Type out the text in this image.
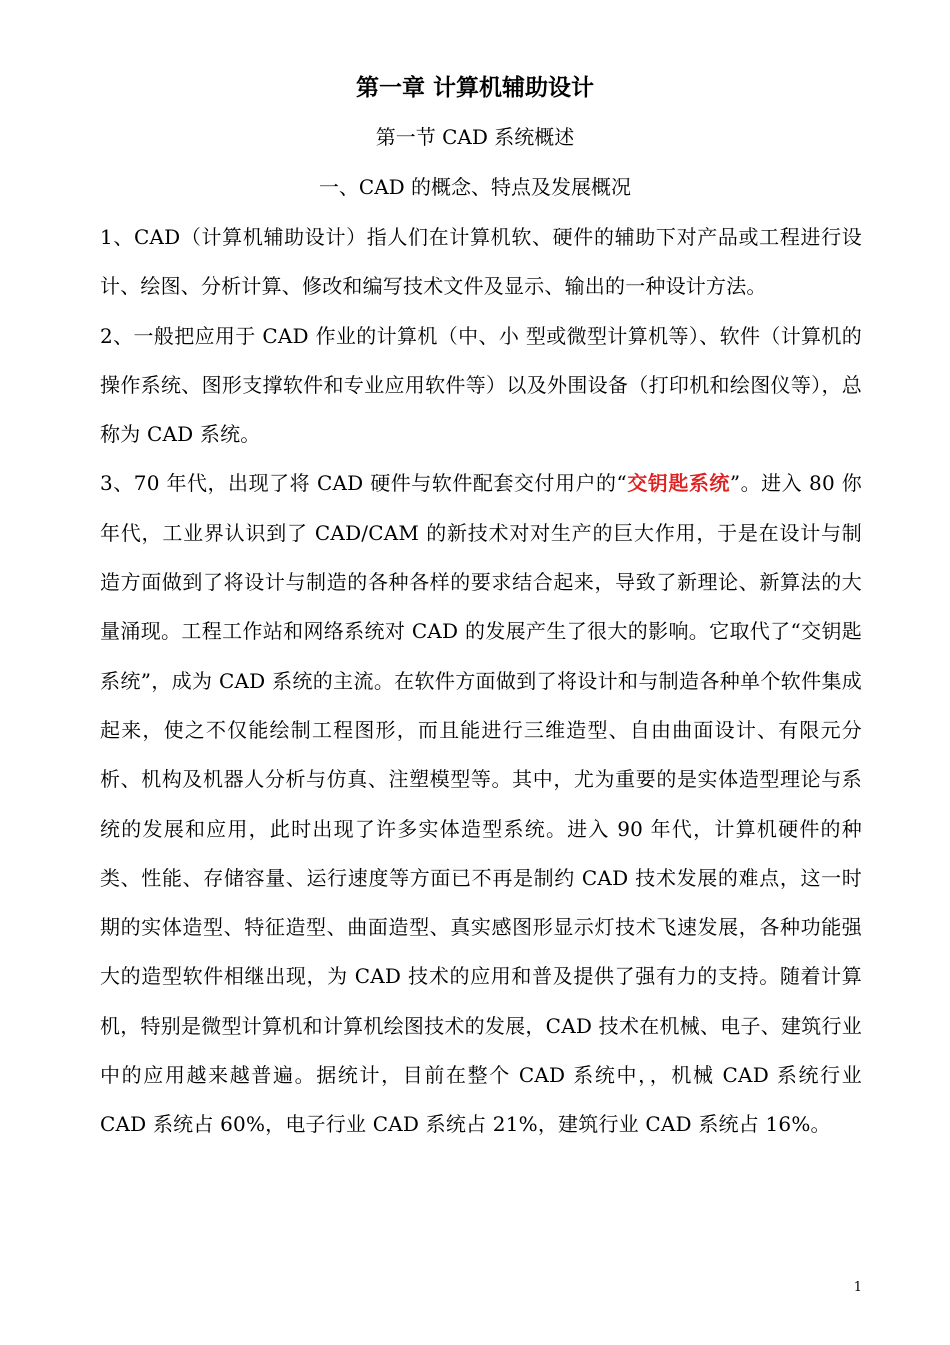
第一章 计算机辅助设计
第一节 CAD 系统概述
一、CAD 的概念、特点及发展概况

1、CAD（计算机辅助设计）指人们在计算机软、硬件的辅助下对产品或工程进行设计、绘图、分析计算、修改和编写技术文件及显示、输出的一种设计方法。

2、一般把应用于 CAD 作业的计算机（中、小 型或微型计算机等）、软件（计算机的操作系统、图形支撑软件和专业应用软件等）以及外围设备（打印机和绘图仪等），总称为 CAD 系统。

3、70 年代，出现了将 CAD 硬件与软件配套交付用户的“交钥匙系统”。进入 80 你年代，工业界认识到了 CAD/CAM 的新技术对对生产的巨大作用，于是在设计与制造方面做到了将设计与制造的各种各样的要求结合起来，导致了新理论、新算法的大量涌现。工程工作站和网络系统对 CAD 的发展产生了很大的影响。它取代了“交钥匙系统”，成为 CAD 系统的主流。在软件方面做到了将设计和与制造各种单个软件集成起来，使之不仅能绘制工程图形，而且能进行三维造型、自由曲面设计、有限元分析、机构及机器人分析与仿真、注塑模型等。其中，尤为重要的是实体造型理论与系统的发展和应用，此时出现了许多实体造型系统。进入 90 年代，计算机硬件的种类、性能、存储容量、运行速度等方面已不再是制约 CAD 技术发展的难点，这一时期的实体造型、特征造型、曲面造型、真实感图形显示灯技术飞速发展，各种功能强大的造型软件相继出现，为 CAD 技术的应用和普及提供了强有力的支持。随着计算机，特别是微型计算机和计算机绘图技术的发展，CAD 技术在机械、电子、建筑行业中的应用越来越普遍。据统计，目前在整个 CAD 系统中，，机械 CAD 系统行业 CAD 系统占 60%，电子行业 CAD 系统占 21%，建筑行业 CAD 系统占 16%。

1
